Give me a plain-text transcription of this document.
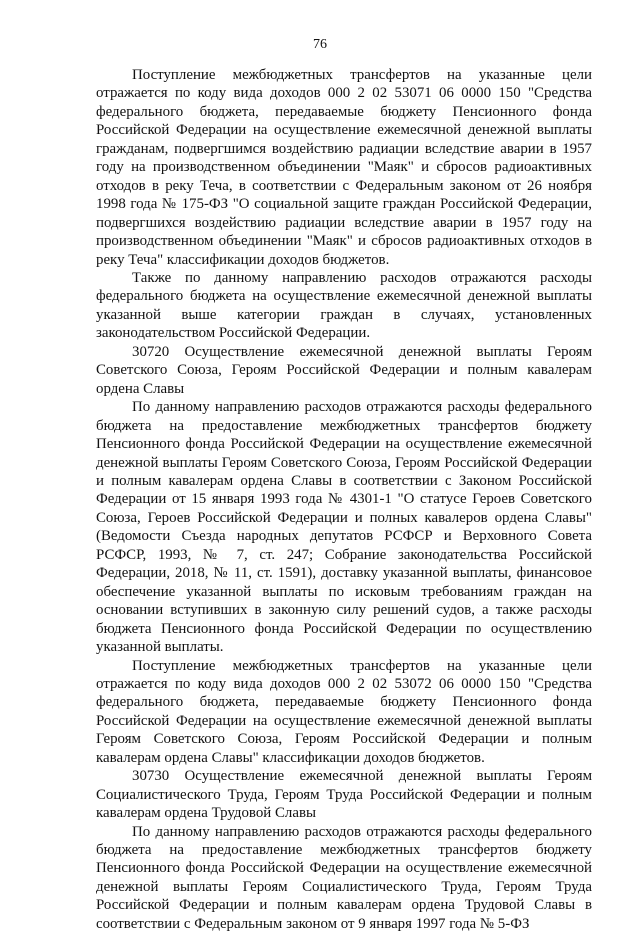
76

Поступление межбюджетных трансфертов на указанные цели отражается по коду вида доходов 000 2 02 53071 06 0000 150 "Средства федерального бюджета, передаваемые бюджету Пенсионного фонда Российской Федерации на осуществление ежемесячной денежной выплаты гражданам, подвергшимся воздействию радиации вследствие аварии в 1957 году на производственном объединении "Маяк" и сбросов радиоактивных отходов в реку Теча, в соответствии с Федеральным законом от 26 ноября 1998 года № 175-ФЗ "О социальной защите граждан Российской Федерации, подвергшихся воздействию радиации вследствие аварии в 1957 году на производственном объединении "Маяк" и сбросов радиоактивных отходов в реку Теча" классификации доходов бюджетов.

Также по данному направлению расходов отражаются расходы федерального бюджета на осуществление ежемесячной денежной выплаты указанной выше категории граждан в случаях, установленных законодательством Российской Федерации.

30720 Осуществление ежемесячной денежной выплаты Героям Советского Союза, Героям Российской Федерации и полным кавалерам ордена Славы

По данному направлению расходов отражаются расходы федерального бюджета на предоставление межбюджетных трансфертов бюджету Пенсионного фонда Российской Федерации на осуществление ежемесячной денежной выплаты Героям Советского Союза, Героям Российской Федерации и полным кавалерам ордена Славы в соответствии с Законом Российской Федерации от 15 января 1993 года № 4301-1 "О статусе Героев Советского Союза, Героев Российской Федерации и полных кавалеров ордена Славы" (Ведомости Съезда народных депутатов РСФСР и Верховного Совета РСФСР, 1993, № 7, ст. 247; Собрание законодательства Российской Федерации, 2018, № 11, ст. 1591), доставку указанной выплаты, финансовое обеспечение указанной выплаты по исковым требованиям граждан на основании вступивших в законную силу решений судов, а также расходы бюджета Пенсионного фонда Российской Федерации по осуществлению указанной выплаты.

Поступление межбюджетных трансфертов на указанные цели отражается по коду вида доходов 000 2 02 53072 06 0000 150 "Средства федерального бюджета, передаваемые бюджету Пенсионного фонда Российской Федерации на осуществление ежемесячной денежной выплаты Героям Советского Союза, Героям Российской Федерации и полным кавалерам ордена Славы" классификации доходов бюджетов.

30730 Осуществление ежемесячной денежной выплаты Героям Социалистического Труда, Героям Труда Российской Федерации и полным кавалерам ордена Трудовой Славы

По данному направлению расходов отражаются расходы федерального бюджета на предоставление межбюджетных трансфертов бюджету Пенсионного фонда Российской Федерации на осуществление ежемесячной денежной выплаты Героям Социалистического Труда, Героям Труда Российской Федерации и полным кавалерам ордена Трудовой Славы в соответствии с Федеральным законом от 9 января 1997 года № 5-ФЗ
